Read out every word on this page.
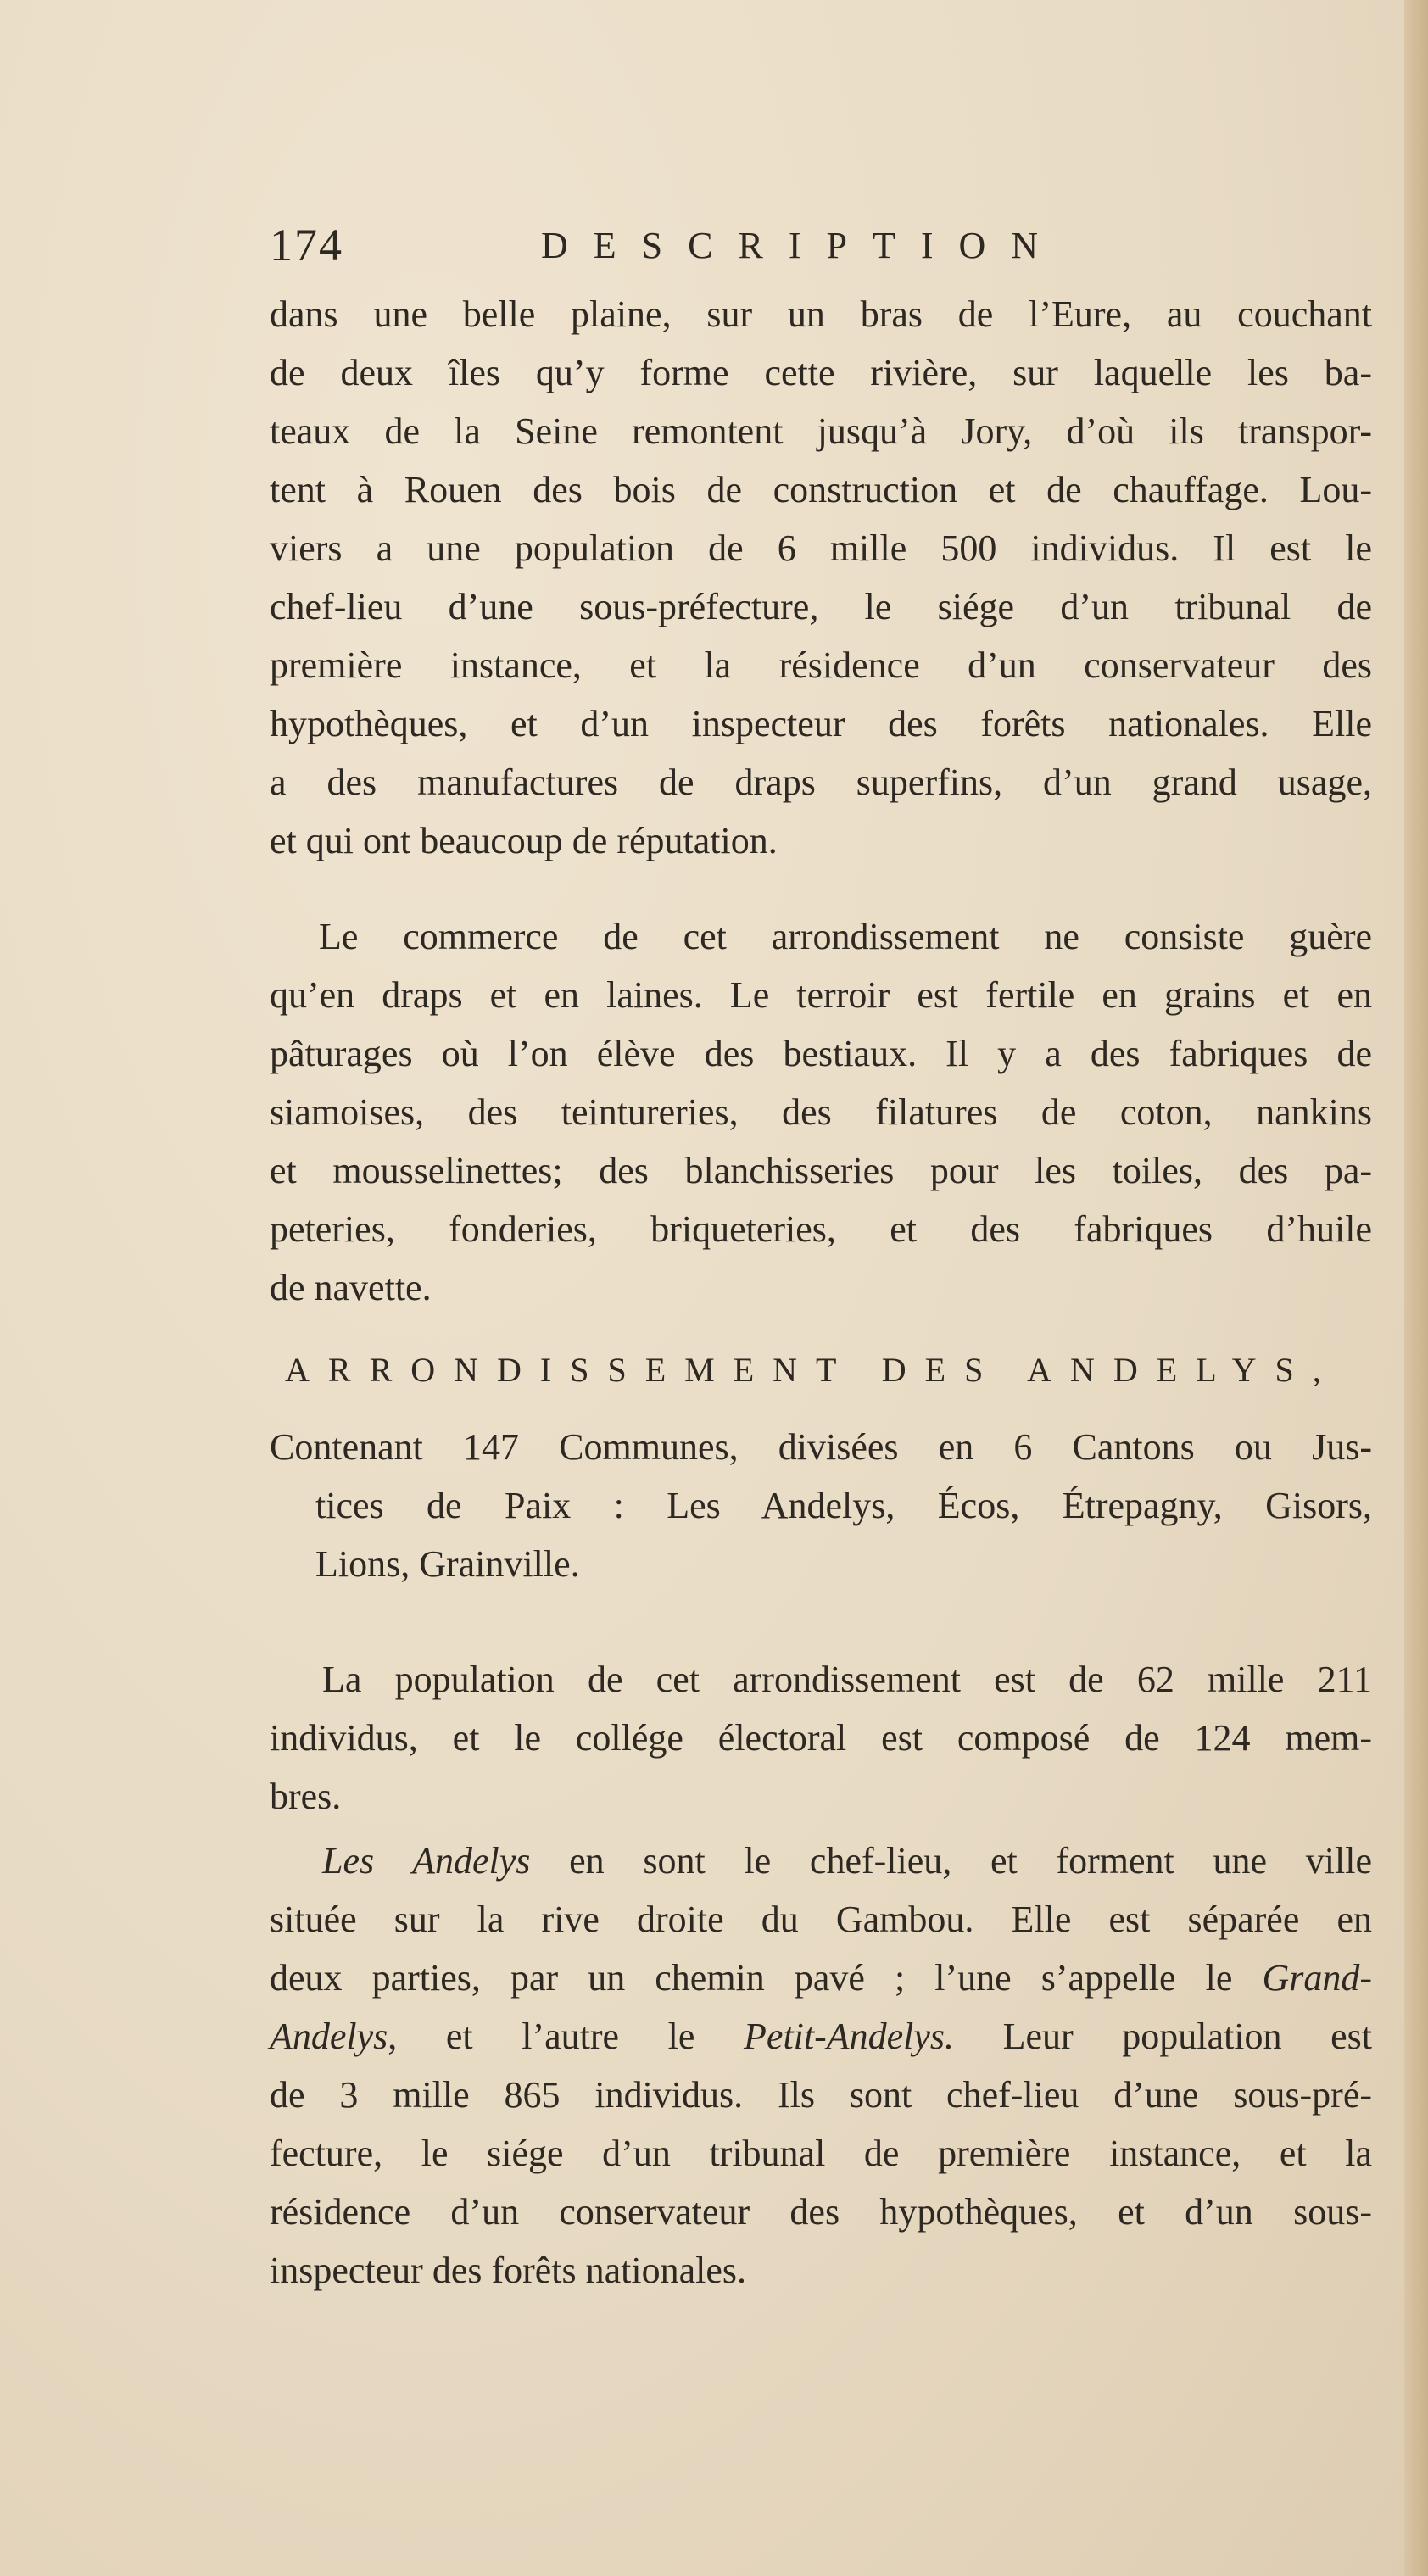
174	DESCRIPTION
dans une belle plaine, sur un bras de l’Eure, au couchant
de deux îles qu’y forme cette rivière, sur laquelle les ba-
teaux de la Seine remontent jusqu’à Jory, d’où ils transpor-
tent à Rouen des bois de construction et de chauffage. Lou-
viers a une population de 6 mille 500 individus. Il est le
chef-lieu d’une sous-préfecture, le siége d’un tribunal de
première instance, et la résidence d’un conservateur des
hypothèques, et d’un inspecteur des forêts nationales. Elle
a des manufactures de draps superfins, d’un grand usage,
et qui ont beaucoup de réputation.
Le commerce de cet arrondissement ne consiste guère
qu’en draps et en laines. Le terroir est fertile en grains et en
pâturages où l’on élève des bestiaux. Il y a des fabriques de
siamoises, des teintureries, des filatures de coton, nankins
et mousselinettes; des blanchisseries pour les toiles, des pa-
peteries, fonderies, briqueteries, et des fabriques d’huile
de navette.
ARRONDISSEMENT DES ANDELYS,
Contenant 147 Communes, divisées en 6 Cantons ou Jus-
tices de Paix : Les Andelys, Écos, Étrepagny, Gisors,
Lions, Grainville.
La population de cet arrondissement est de 62 mille 211
individus, et le collége électoral est composé de 124 mem-
bres.
Les Andelys en sont le chef-lieu, et forment une ville
située sur la rive droite du Gambou. Elle est séparée en
deux parties, par un chemin pavé ; l’une s’appelle le Grand-
Andelys, et l’autre le Petit-Andelys. Leur population est
de 3 mille 865 individus. Ils sont chef-lieu d’une sous-pré-
fecture, le siége d’un tribunal de première instance, et la
résidence d’un conservateur des hypothèques, et d’un sous-
inspecteur des forêts nationales.
